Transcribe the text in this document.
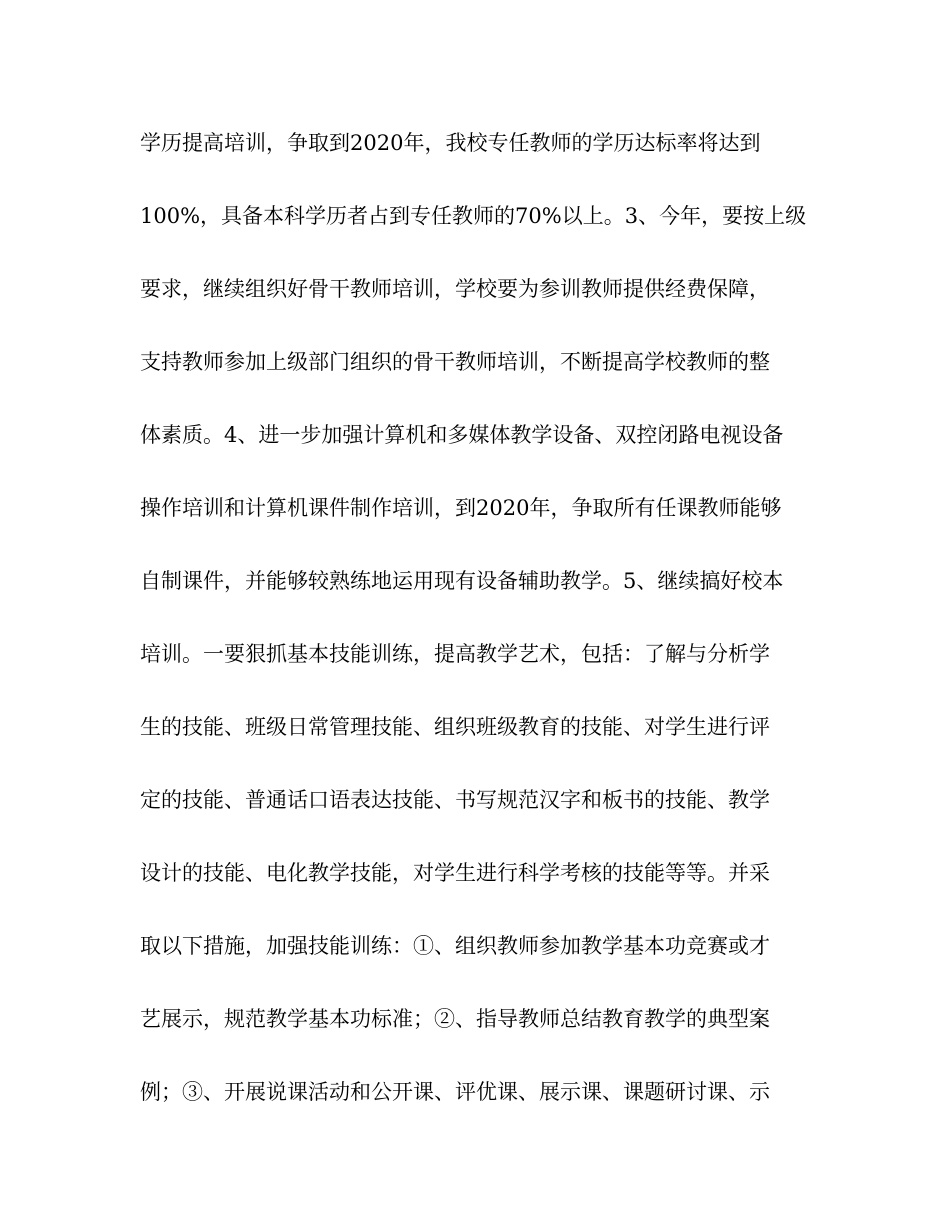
学历提高培训，争取到2020年，我校专任教师的学历达标率将达到
100%，具备本科学历者占到专任教师的70%以上。3、今年，要按上级
要求，继续组织好骨干教师培训，学校要为参训教师提供经费保障，
支持教师参加上级部门组织的骨干教师培训，不断提高学校教师的整
体素质。4、进一步加强计算机和多媒体教学设备、双控闭路电视设备
操作培训和计算机课件制作培训，到2020年，争取所有任课教师能够
自制课件，并能够较熟练地运用现有设备辅助教学。5、继续搞好校本
培训。一要狠抓基本技能训练，提高教学艺术，包括：了解与分析学
生的技能、班级日常管理技能、组织班级教育的技能、对学生进行评
定的技能、普通话口语表达技能、书写规范汉字和板书的技能、教学
设计的技能、电化教学技能，对学生进行科学考核的技能等等。并采
取以下措施，加强技能训练：①、组织教师参加教学基本功竞赛或才
艺展示，规范教学基本功标准；②、指导教师总结教育教学的典型案
例；③、开展说课活动和公开课、评优课、展示课、课题研讨课、示
